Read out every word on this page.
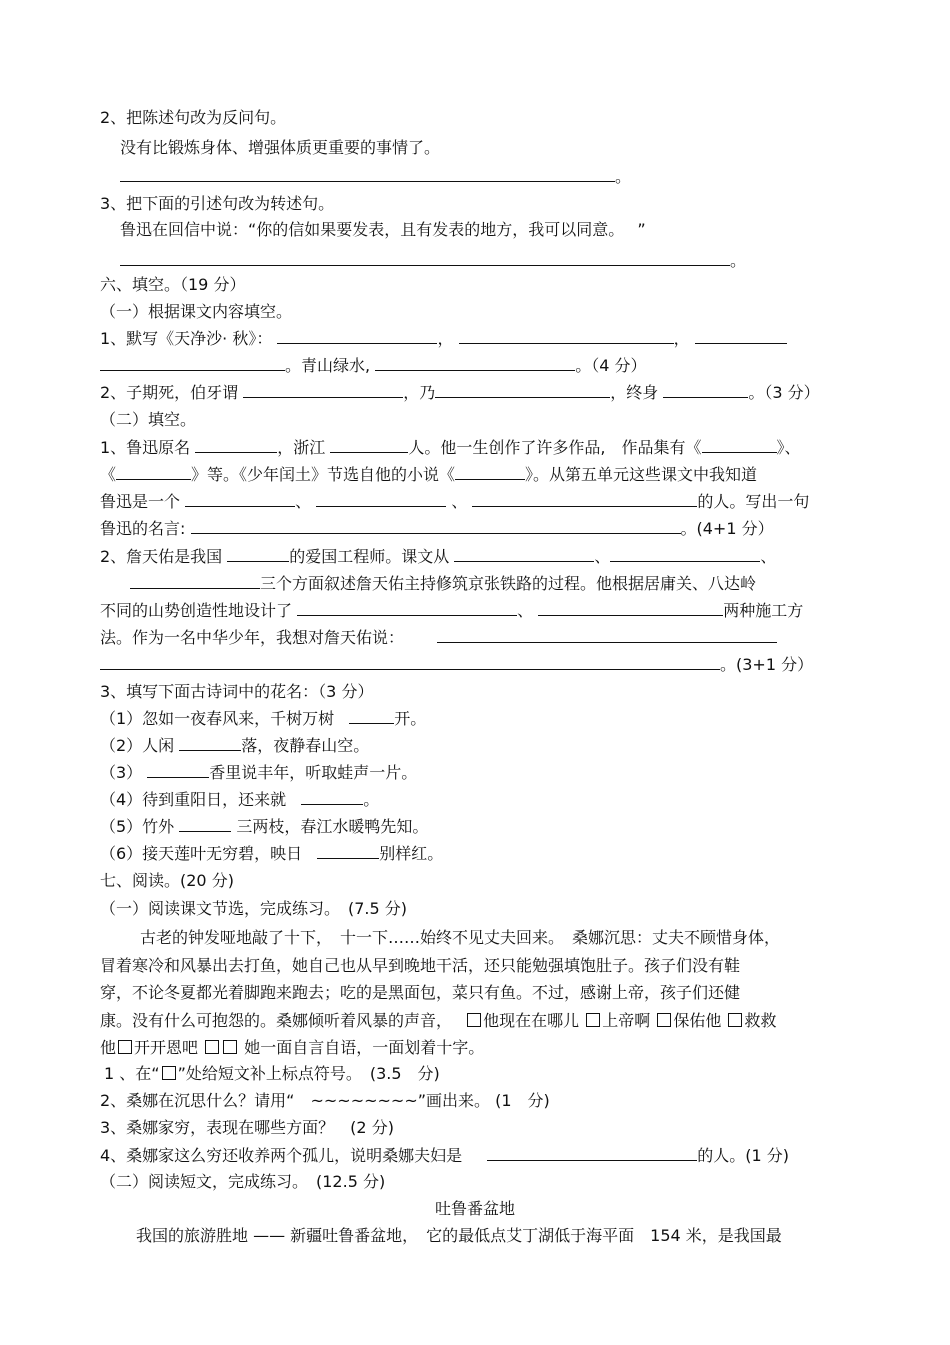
2、把陈述句改为反问句。
没有比锻炼身体、增强体质更重要的事情了。
。
3、把下面的引述句改为转述句。
鲁迅在回信中说：“你的信如果要发表，且有发表的地方，我可以同意。　 ”
。
六、填空。（19 分）
（一）根据课文内容填空。
1、默写《天净沙· 秋》：	，	，
。青山绿水,	。（4 分）
2、子期死，伯牙谓	，乃	，终身	。（3 分）
（二）填空。
1、鲁迅原名	，浙江	人。他一生创作了许多作品,　作品集有《	》、
《	》等。《少年闰土》节选自他的小说《	》。从第五单元这些课文中我知道
鲁迅是一个	、	、	的人。写出一句
鲁迅的名言:	。(4+1 分）
2、詹天佑是我国	的爱国工程师。课文从	、	、
三个方面叙述詹天佑主持修筑京张铁路的过程。他根据居庸关、八达岭
不同的山势创造性地设计了	、	两种施工方
法。作为一名中华少年，我想对詹天佑说：
。(3+1 分）
3、填写下面古诗词中的花名：（3 分）
（1）忽如一夜春风来，千树万树	开。
（2）人闲	落，夜静春山空。
（3）	香里说丰年，听取蛙声一片。
（4）待到重阳日，还来就	。
（5）竹外	三两枝，春江水暖鸭先知。
（6）接天莲叶无穷碧，映日	别样红。
七、阅读。(20 分)
（一）阅读课文节选，完成练习。　(7.5 分)
古老的钟发哑地敲了十下，　十一下……始终不见丈夫回来。　桑娜沉思：丈夫不顾惜身体，
冒着寒冷和风暴出去打鱼，她自己也从早到晚地干活，还只能勉强填饱肚子。孩子们没有鞋
穿，不论冬夏都光着脚跑来跑去；吃的是黑面包，菜只有鱼。不过，感谢上帝，孩子们还健
康。没有什么可抱怨的。桑娜倾听着风暴的声音，　 他现在在哪儿 上帝啊 保佑他 救救
他 开开恩吧	她一面自言自语，一面划着十字。
1 、在“ ”处给短文补上标点符号。　(3.5　分)
2、桑娜在沉思什么？请用“　~~~~~~~~”画出来。 (1　分)
3、桑娜家穷，表现在哪些方面？　(2 分)
4、桑娜家这么穷还收养两个孤儿，说明桑娜夫妇是	的人。(1 分)
（二）阅读短文，完成练习。　(12.5 分)
吐鲁番盆地
我国的旅游胜地 —— 新疆吐鲁番盆地，　它的最低点艾丁湖低于海平面　154 米，是我国最
